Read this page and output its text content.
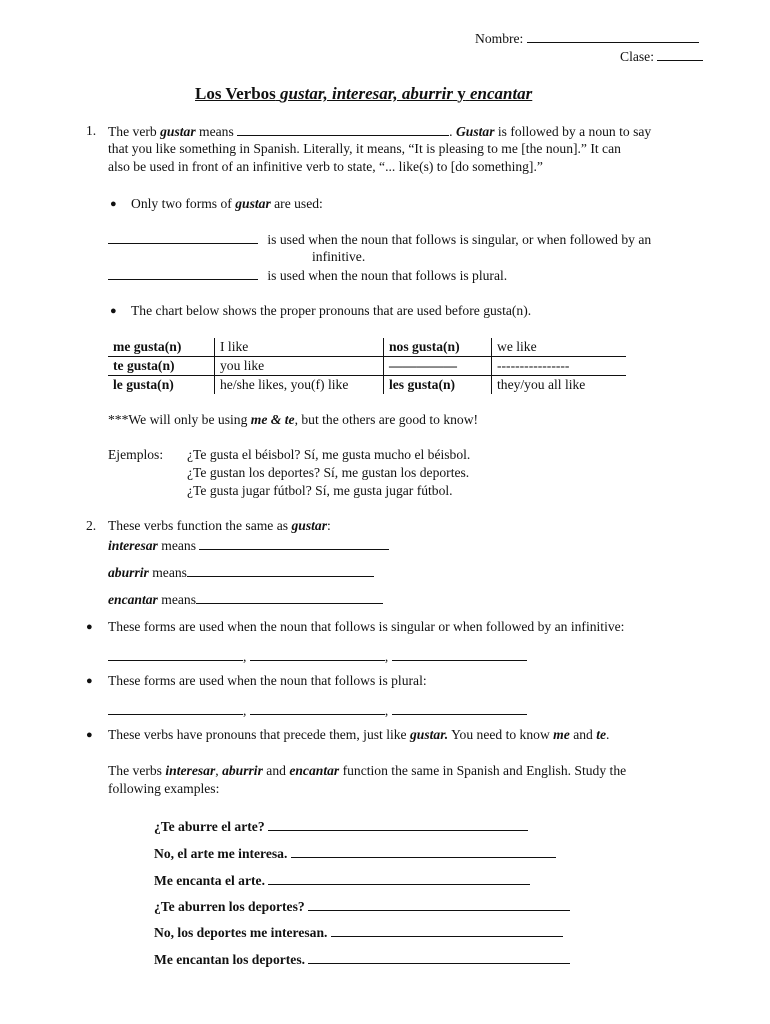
Nombre:
Clase:
Los Verbos gustar, interesar, aburrir y encantar
1. The verb gustar means	. Gustar is followed by a noun to say
that you like something in Spanish. Literally, it means, “It is pleasing to me [the noun].” It can
also be used in front of an infinitive verb to state, “... like(s) to [do something].”
● Only two forms of gustar are used:
is used when the noun that follows is singular, or when followed by an
infinitive.
is used when the noun that follows is plural.
● The chart below shows the proper pronouns that are used before gusta(n).
me gusta(n)	I like	nos gusta(n)	we like
te gusta(n)	you like	—————	----------------
le gusta(n)	he/she likes, you(f) like	les gusta(n)	they/you all like
***We will only be using me & te, but the others are good to know!
Ejemplos: ¿Te gusta el béisbol? Sí, me gusta mucho el béisbol.
¿Te gustan los deportes? Sí, me gustan los deportes.
¿Te gusta jugar fútbol? Sí, me gusta jugar fútbol.
2. These verbs function the same as gustar:
interesar means
aburrir means
encantar means
● These forms are used when the noun that follows is singular or when followed by an infinitive:
,	,
● These forms are used when the noun that follows is plural:
,	,
● These verbs have pronouns that precede them, just like gustar. You need to know me and te.
The verbs interesar, aburrir and encantar function the same in Spanish and English. Study the
following examples:
¿Te aburre el arte?
No, el arte me interesa.
Me encanta el arte.
¿Te aburren los deportes?
No, los deportes me interesan.
Me encantan los deportes.
